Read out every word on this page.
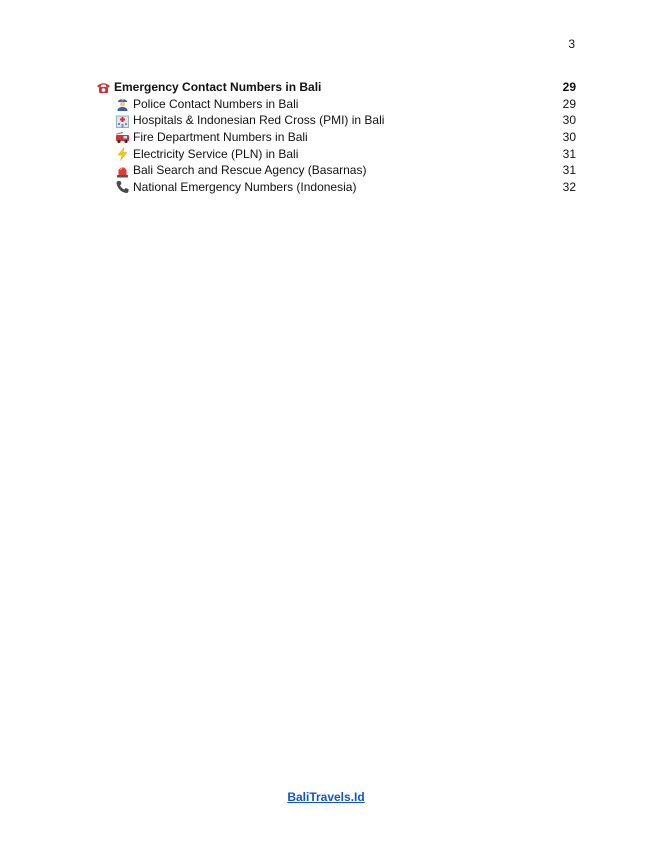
3
Emergency Contact Numbers in Bali	29
Police Contact Numbers in Bali	29
Hospitals & Indonesian Red Cross (PMI) in Bali	30
Fire Department Numbers in Bali	30
Electricity Service (PLN) in Bali	31
Bali Search and Rescue Agency (Basarnas)	31
National Emergency Numbers (Indonesia)	32
BaliTravels.Id
